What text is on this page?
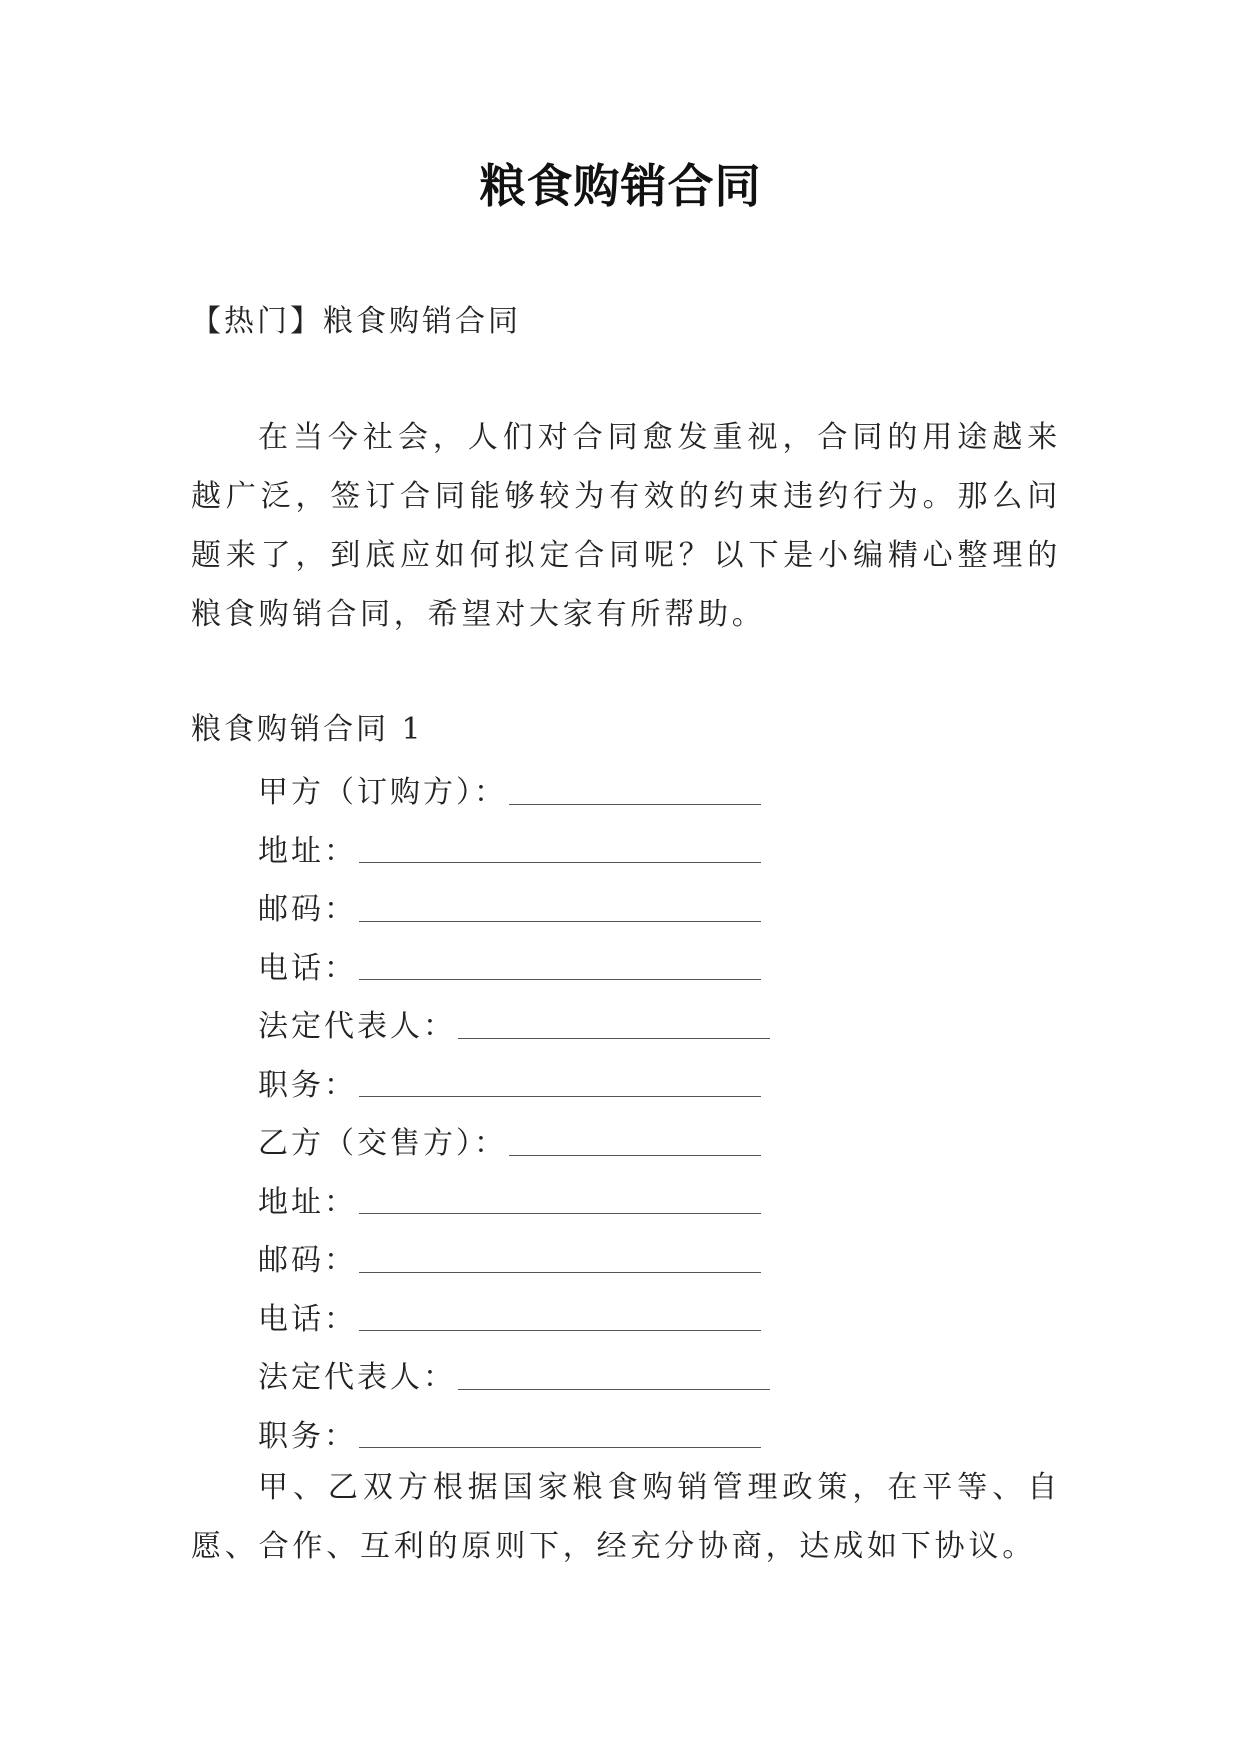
粮食购销合同
【热门】粮食购销合同

在当今社会，人们对合同愈发重视，合同的用途越来越广泛，签订合同能够较为有效的约束违约行为。那么问题来了，到底应如何拟定合同呢？以下是小编精心整理的粮食购销合同，希望对大家有所帮助。

粮食购销合同 1
甲方（订购方）：
地址：
邮码：
电话：
法定代表人：
职务：
乙方（交售方）：
地址：
邮码：
电话：
法定代表人：
职务：

甲、乙双方根据国家粮食购销管理政策，在平等、自愿、合作、互利的原则下，经充分协商，达成如下协议。
